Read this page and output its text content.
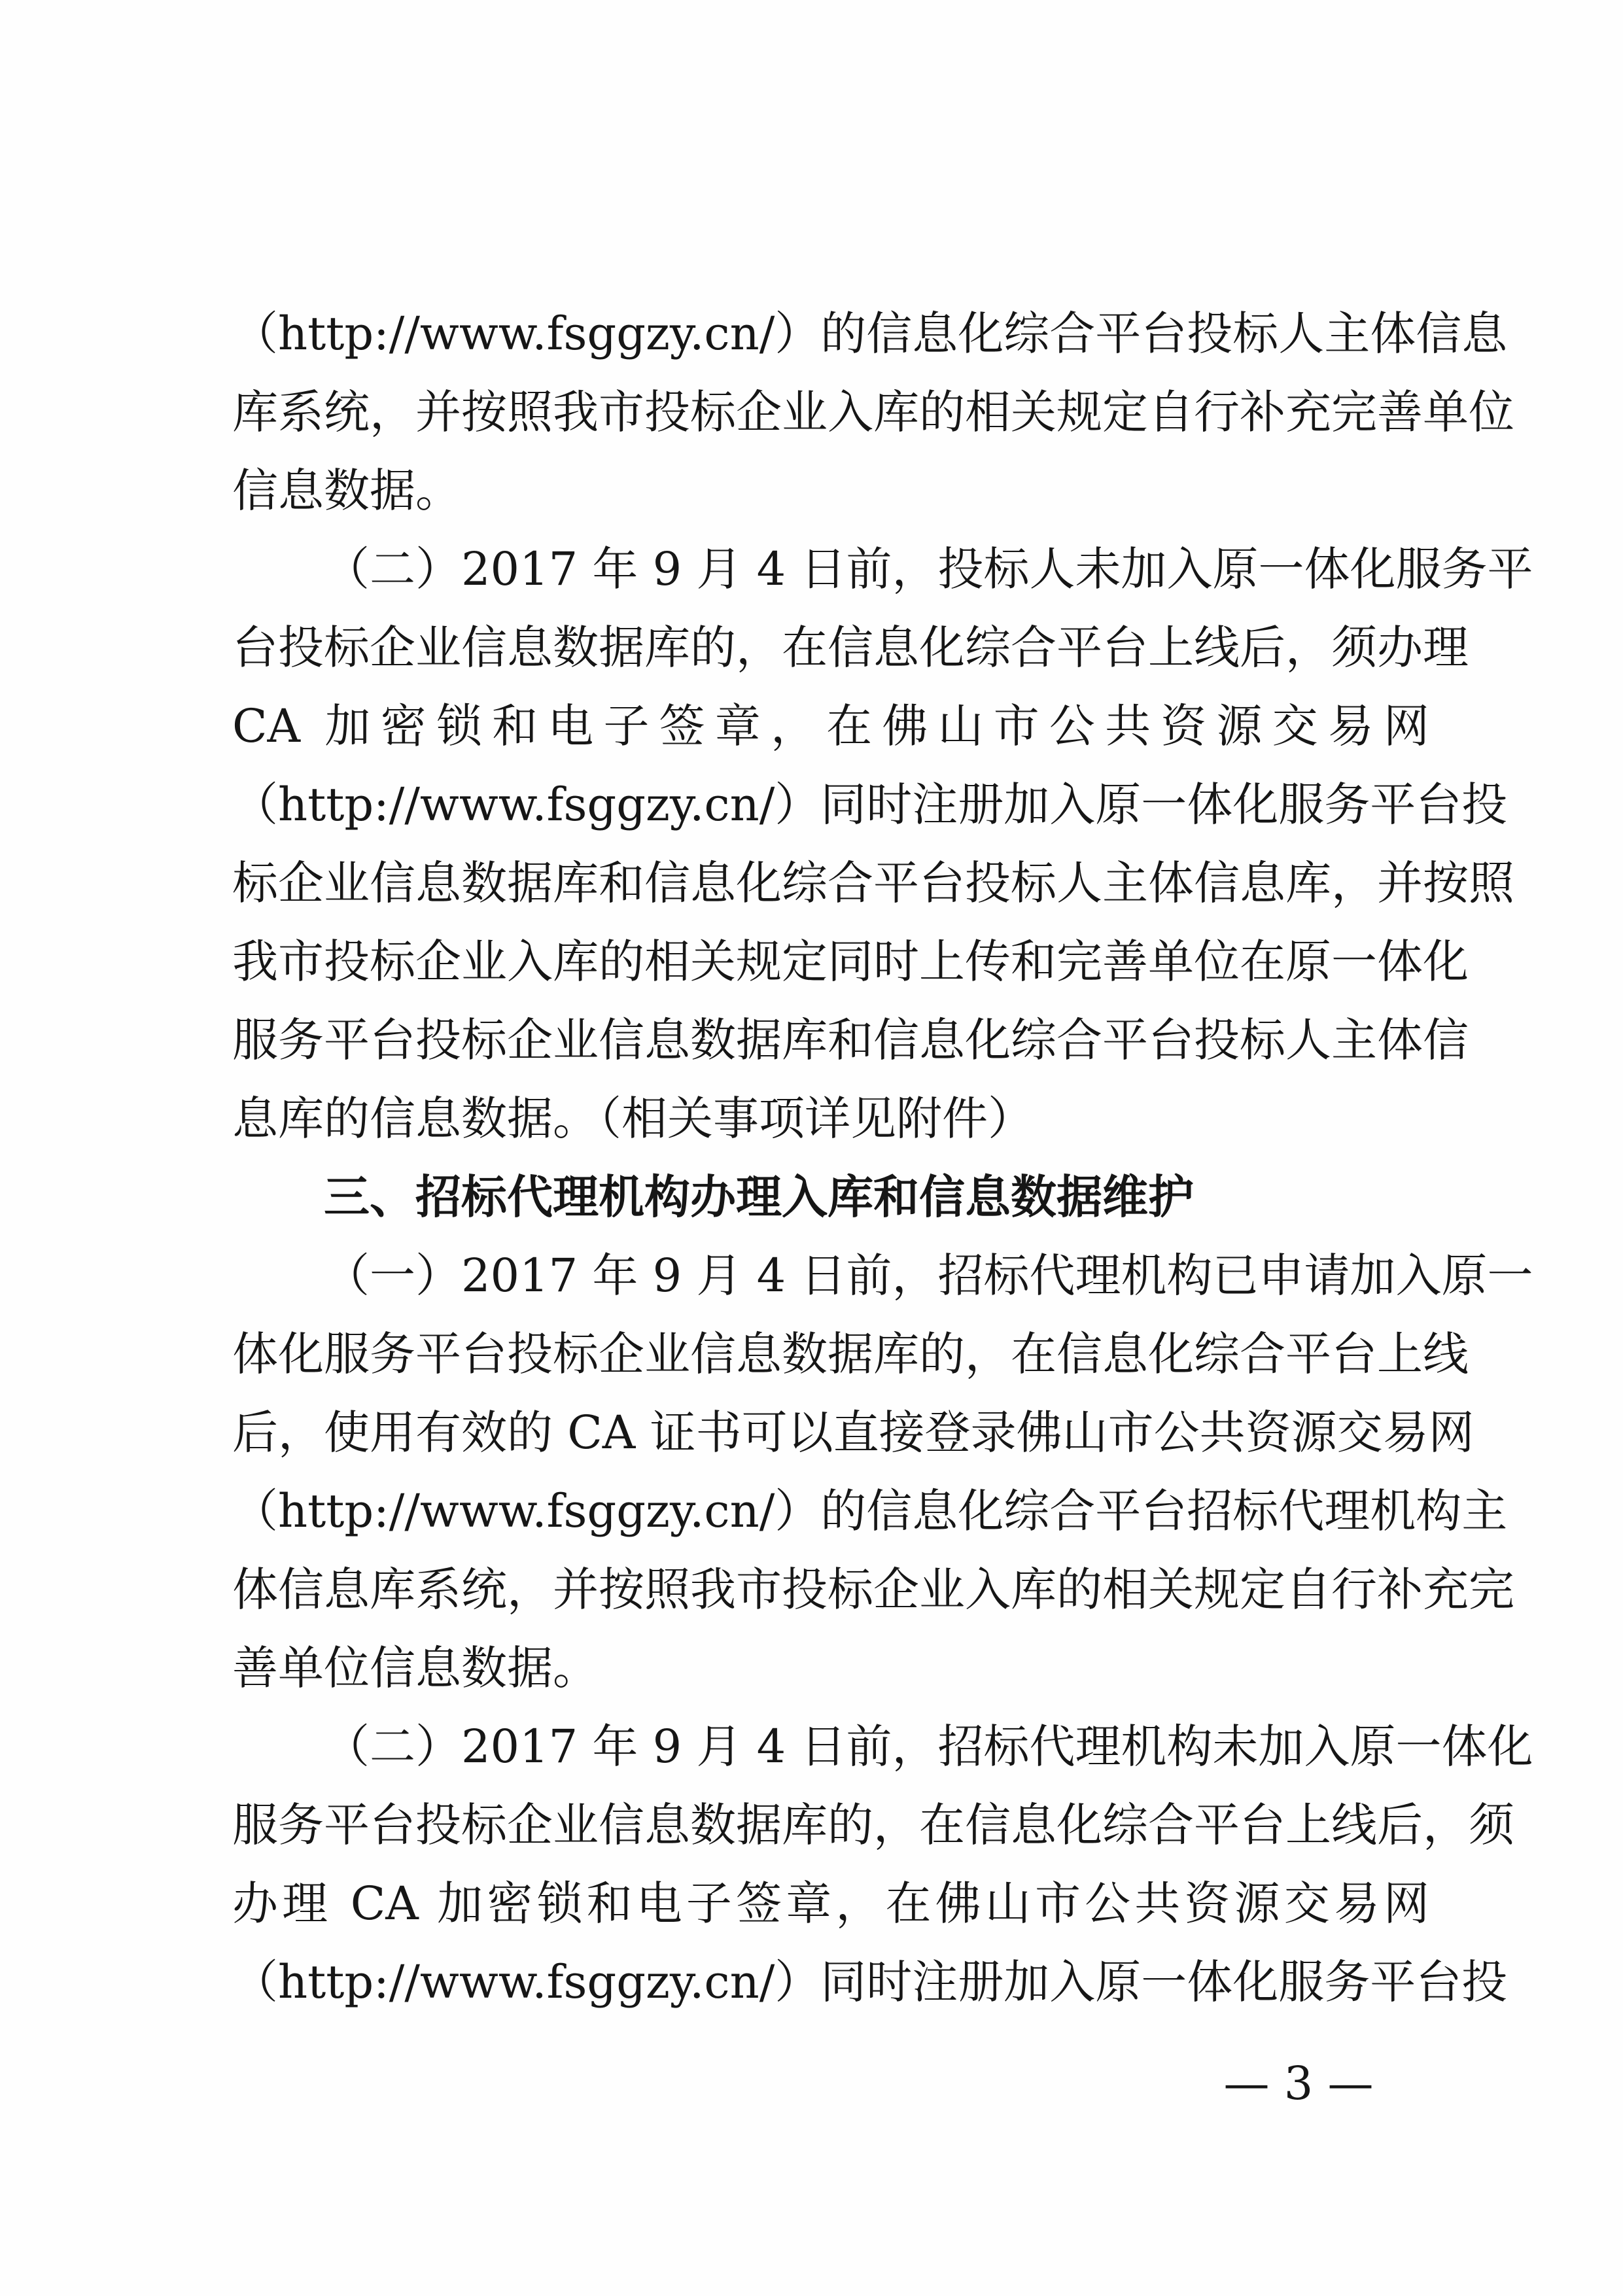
（http://www.fsggzy.cn/）的信息化综合平台投标人主体信息

库系统，并按照我市投标企业入库的相关规定自行补充完善单位

信息数据。

（二）2017 年 9 月 4 日前，投标人未加入原一体化服务平

台投标企业信息数据库的，在信息化综合平台上线后，须办理

CA 加密锁和电子签章，在佛山市公共资源交易网

（http://www.fsggzy.cn/）同时注册加入原一体化服务平台投

标企业信息数据库和信息化综合平台投标人主体信息库，并按照

我市投标企业入库的相关规定同时上传和完善单位在原一体化

服务平台投标企业信息数据库和信息化综合平台投标人主体信

息库的信息数据。（相关事项详见附件）

三、招标代理机构办理入库和信息数据维护

（一）2017 年 9 月 4 日前，招标代理机构已申请加入原一

体化服务平台投标企业信息数据库的，在信息化综合平台上线

后，使用有效的 CA 证书可以直接登录佛山市公共资源交易网

（http://www.fsggzy.cn/）的信息化综合平台招标代理机构主

体信息库系统，并按照我市投标企业入库的相关规定自行补充完

善单位信息数据。

（二）2017 年 9 月 4 日前，招标代理机构未加入原一体化

服务平台投标企业信息数据库的，在信息化综合平台上线后，须

办理 CA 加密锁和电子签章，在佛山市公共资源交易网

（http://www.fsggzy.cn/）同时注册加入原一体化服务平台投

— 3 —
